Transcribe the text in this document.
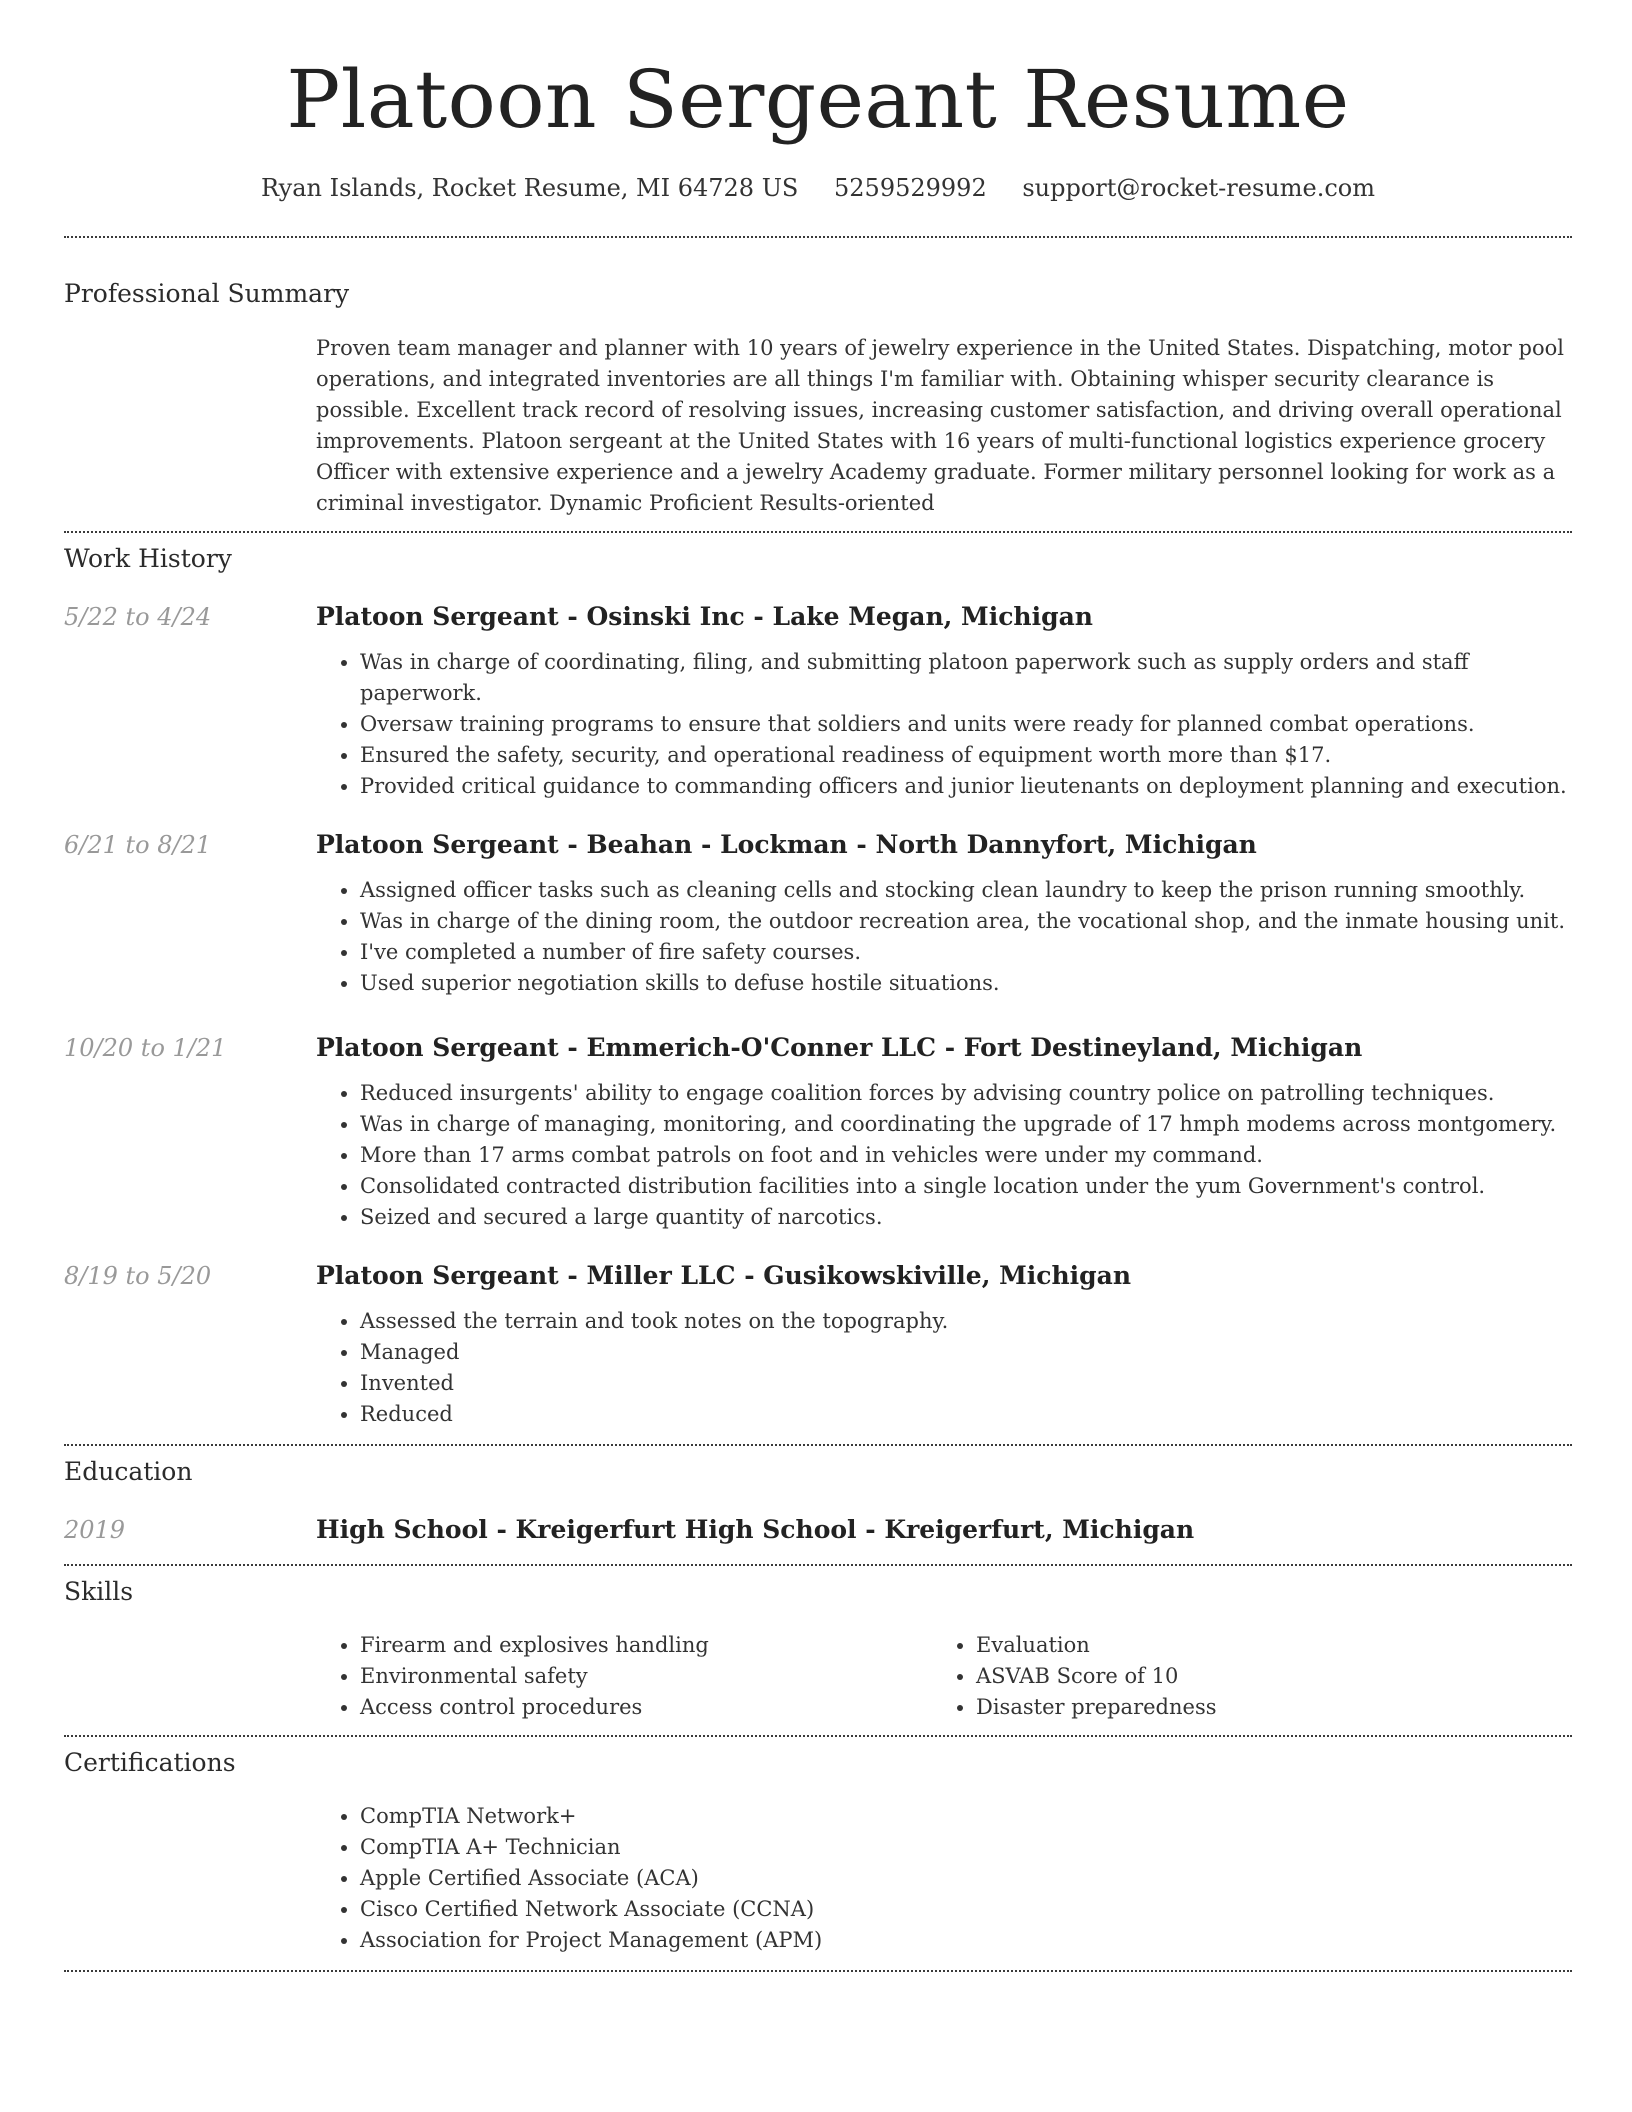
Platoon Sergeant Resume
Ryan Islands, Rocket Resume, MI 64728 US 5259529992 support@rocket-resume.com
Professional Summary

Proven team manager and planner with 10 years of jewelry experience in the United States. Dispatching, motor pool operations, and integrated inventories are all things I'm familiar with. Obtaining whisper security clearance is possible. Excellent track record of resolving issues, increasing customer satisfaction, and driving overall operational improvements. Platoon sergeant at the United States with 16 years of multi-functional logistics experience grocery Officer with extensive experience and a jewelry Academy graduate. Former military personnel looking for work as a criminal investigator. Dynamic Proficient Results-oriented

Work History
5/22 to 4/24	Platoon Sergeant - Osinski Inc - Lake Megan, Michigan
• Was in charge of coordinating, filing, and submitting platoon paperwork such as supply orders and staff paperwork.
• Oversaw training programs to ensure that soldiers and units were ready for planned combat operations.
• Ensured the safety, security, and operational readiness of equipment worth more than $17.
• Provided critical guidance to commanding officers and junior lieutenants on deployment planning and execution.
6/21 to 8/21	Platoon Sergeant - Beahan - Lockman - North Dannyfort, Michigan
• Assigned officer tasks such as cleaning cells and stocking clean laundry to keep the prison running smoothly.
• Was in charge of the dining room, the outdoor recreation area, the vocational shop, and the inmate housing unit.
• I've completed a number of fire safety courses.
• Used superior negotiation skills to defuse hostile situations.
10/20 to 1/21	Platoon Sergeant - Emmerich-O'Conner LLC - Fort Destineyland, Michigan
• Reduced insurgents' ability to engage coalition forces by advising country police on patrolling techniques.
• Was in charge of managing, monitoring, and coordinating the upgrade of 17 hmph modems across montgomery.
• More than 17 arms combat patrols on foot and in vehicles were under my command.
• Consolidated contracted distribution facilities into a single location under the yum Government's control.
• Seized and secured a large quantity of narcotics.
8/19 to 5/20	Platoon Sergeant - Miller LLC - Gusikowskiville, Michigan
• Assessed the terrain and took notes on the topography.
• Managed
• Invented
• Reduced
Education
2019	High School - Kreigerfurt High School - Kreigerfurt, Michigan
Skills
• Firearm and explosives handling
• Environmental safety
• Access control procedures
• Evaluation
• ASVAB Score of 10
• Disaster preparedness
Certifications
• CompTIA Network+
• CompTIA A+ Technician
• Apple Certified Associate (ACA)
• Cisco Certified Network Associate (CCNA)
• Association for Project Management (APM)
